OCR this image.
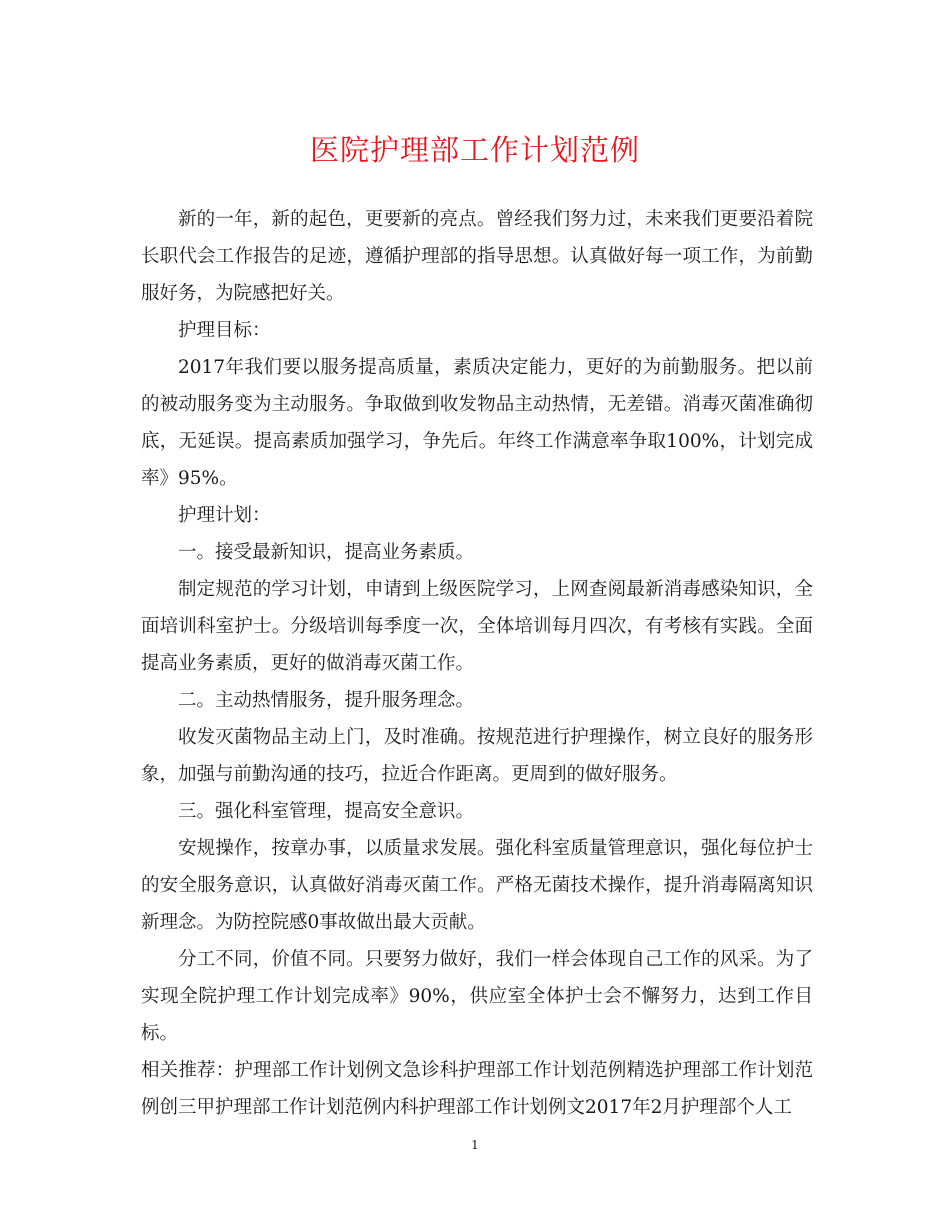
医院护理部工作计划范例

新的一年，新的起色，更要新的亮点。曾经我们努力过，未来我们更要沿着院长职代会工作报告的足迹，遵循护理部的指导思想。认真做好每一项工作，为前勤服好务，为院感把好关。

护理目标：

2017年我们要以服务提高质量，素质决定能力，更好的为前勤服务。把以前的被动服务变为主动服务。争取做到收发物品主动热情，无差错。消毒灭菌准确彻底，无延误。提高素质加强学习，争先后。年终工作满意率争取100%，计划完成率》95%。

护理计划：

一。接受最新知识，提高业务素质。

制定规范的学习计划，申请到上级医院学习，上网查阅最新消毒感染知识，全面培训科室护士。分级培训每季度一次，全体培训每月四次，有考核有实践。全面提高业务素质，更好的做消毒灭菌工作。

二。主动热情服务，提升服务理念。

收发灭菌物品主动上门，及时准确。按规范进行护理操作，树立良好的服务形象，加强与前勤沟通的技巧，拉近合作距离。更周到的做好服务。

三。强化科室管理，提高安全意识。

安规操作，按章办事，以质量求发展。强化科室质量管理意识，强化每位护士的安全服务意识，认真做好消毒灭菌工作。严格无菌技术操作，提升消毒隔离知识新理念。为防控院感0事故做出最大贡献。

分工不同，价值不同。只要努力做好，我们一样会体现自己工作的风采。为了实现全院护理工作计划完成率》90%，供应室全体护士会不懈努力，达到工作目标。

相关推荐：护理部工作计划例文急诊科护理部工作计划范例精选护理部工作计划范例创三甲护理部工作计划范例内科护理部工作计划例文2017年2月护理部个人工

1
